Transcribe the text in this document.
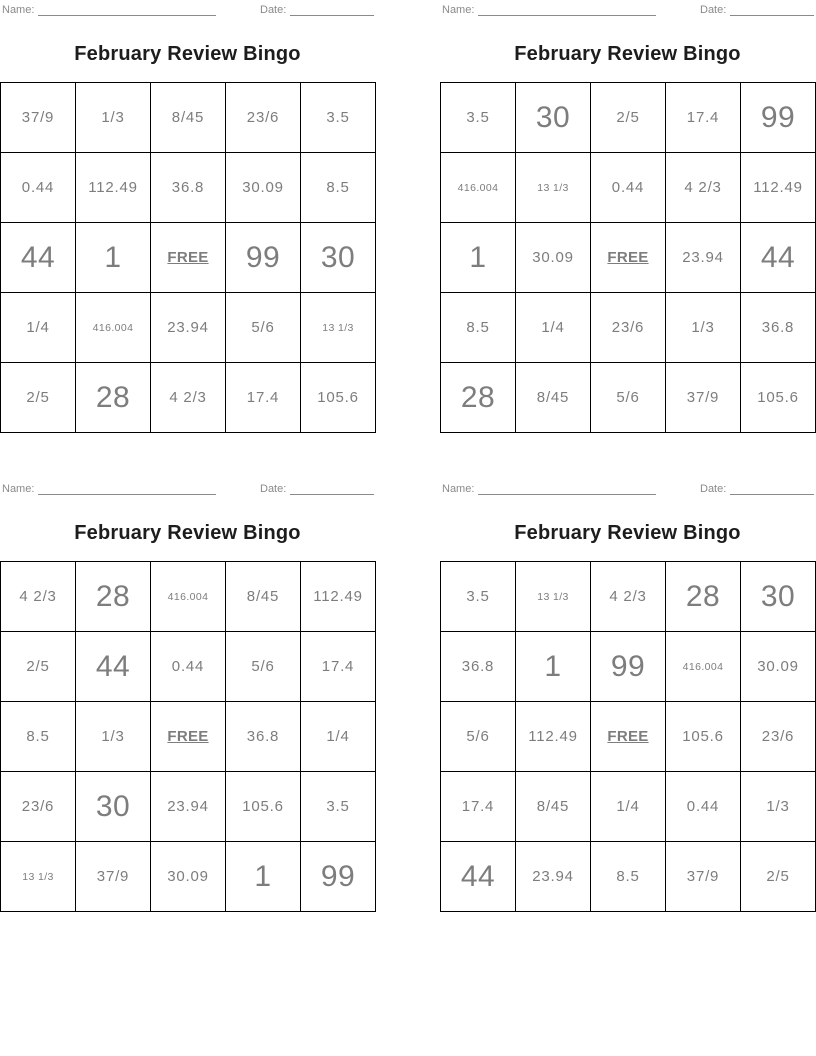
Name:	Date:
February Review Bingo
37/9	1/3	8/45	23/6	3.5
0.44	112.49	36.8	30.09	8.5
44	1	FREE	99	30
1/4	416.004	23.94	5/6	13 1/3
2/5	28	4 2/3	17.4	105.6
Name:	Date:
February Review Bingo
3.5	30	2/5	17.4	99
416.004	13 1/3	0.44	4 2/3	112.49
1	30.09	FREE	23.94	44
8.5	1/4	23/6	1/3	36.8
28	8/45	5/6	37/9	105.6
Name:	Date:
February Review Bingo
4 2/3	28	416.004	8/45	112.49
2/5	44	0.44	5/6	17.4
8.5	1/3	FREE	36.8	1/4
23/6	30	23.94	105.6	3.5
13 1/3	37/9	30.09	1	99
Name:	Date:
February Review Bingo
3.5	13 1/3	4 2/3	28	30
36.8	1	99	416.004	30.09
5/6	112.49	FREE	105.6	23/6
17.4	8/45	1/4	0.44	1/3
44	23.94	8.5	37/9	2/5
